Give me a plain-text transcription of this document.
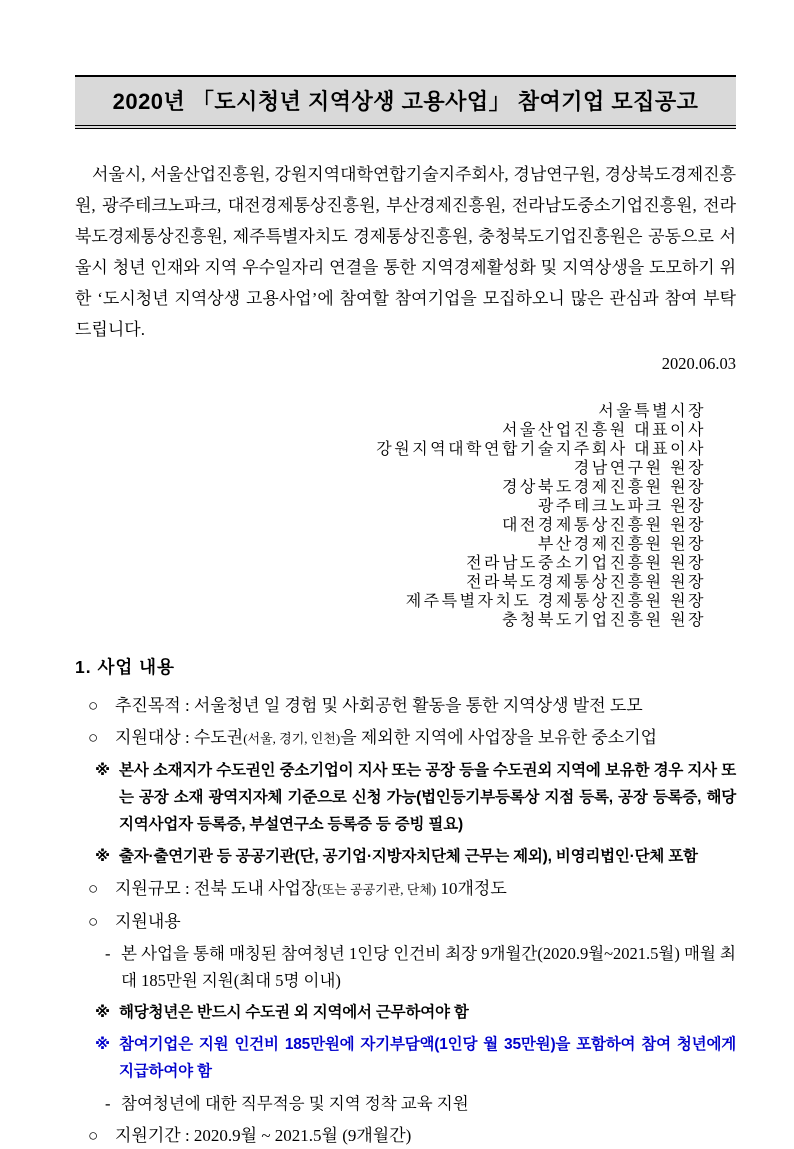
2020년 「도시청년 지역상생 고용사업」 참여기업 모집공고

서울시, 서울산업진흥원, 강원지역대학연합기술지주회사, 경남연구원, 경상북도경제진흥원, 광주테크노파크, 대전경제통상진흥원, 부산경제진흥원, 전라남도중소기업진흥원, 전라북도경제통상진흥원, 제주특별자치도 경제통상진흥원, 충청북도기업진흥원은 공동으로 서울시 청년 인재와 지역 우수일자리 연결을 통한 지역경제활성화 및 지역상생을 도모하기 위한 ‘도시청년 지역상생 고용사업’에 참여할 참여기업을 모집하오니 많은 관심과 참여 부탁드립니다.

2020.06.03
서울특별시장
서울산업진흥원 대표이사
강원지역대학연합기술지주회사 대표이사
경남연구원 원장
경상북도경제진흥원 원장
광주테크노파크 원장
대전경제통상진흥원 원장
부산경제진흥원 원장
전라남도중소기업진흥원 원장
전라북도경제통상진흥원 원장
제주특별자치도 경제통상진흥원 원장
충청북도기업진흥원 원장
1. 사업 내용
○ 추진목적 : 서울청년 일 경험 및 사회공헌 활동을 통한 지역상생 발전 도모
○ 지원대상 : 수도권(서울, 경기, 인천)을 제외한 지역에 사업장을 보유한 중소기업
※ 본사 소재지가 수도권인 중소기업이 지사 또는 공장 등을 수도권외 지역에 보유한 경우 지사 또는 공장 소재 광역지자체 기준으로 신청 가능(법인등기부등록상 지점 등록, 공장 등록증, 해당 지역사업자 등록증, 부설연구소 등록증 등 증빙 필요)
※ 출자·출연기관 등 공공기관(단, 공기업·지방자치단체 근무는 제외), 비영리법인·단체 포함
○ 지원규모 : 전북 도내 사업장(또는 공공기관, 단체) 10개정도
○ 지원내용
- 본 사업을 통해 매칭된 참여청년 1인당 인건비 최장 9개월간(2020.9월~2021.5월) 매월 최대 185만원 지원(최대 5명 이내)
※ 해당청년은 반드시 수도권 외 지역에서 근무하여야 함
※ 참여기업은 지원 인건비 185만원에 자기부담액(1인당 월 35만원)을 포함하여 참여 청년에게 지급하여야 함
- 참여청년에 대한 직무적응 및 지역 정착 교육 지원
○ 지원기간 : 2020.9월 ~ 2021.5월 (9개월간)
